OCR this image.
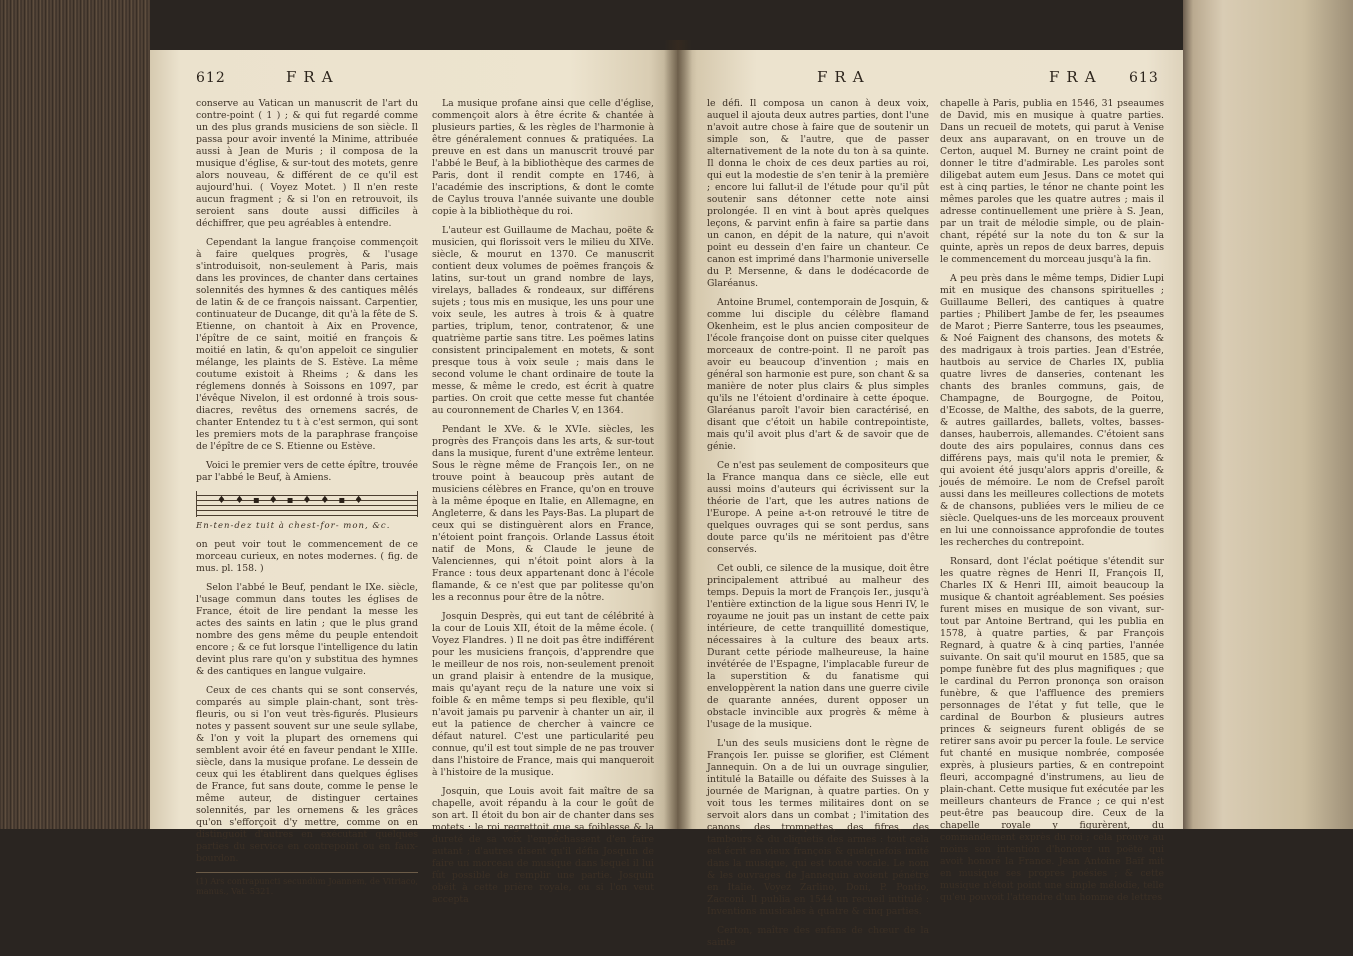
612	FRA

conserve au Vatican un manuscrit de l'art du contre-point ( 1 ) ; & qui fut regardé comme un des plus grands musiciens de son siècle. Il passa pour avoir inventé la Minime, attribuée aussi à Jean de Muris ; il composa de la musique d'église, & sur-tout des motets, genre alors nouveau, & différent de ce qu'il est aujourd'hui. ( Voyez Motet. ) Il n'en reste aucun fragment ; & si l'on en retrouvoit, ils seroient sans doute aussi difficiles à déchiffrer, que peu agréables à entendre.

Cependant la langue françoise commençoit à faire quelques progrès, & l'usage s'introduisoit, non-seulement à Paris, mais dans les provinces, de chanter dans certaines solennités des hymnes & des cantiques mêlés de latin & de ce françois naissant. Carpentier, continuateur de Ducange, dit qu'à la fête de S. Etienne, on chantoit à Aix en Provence, l'épître de ce saint, moitié en françois & moitié en latin, & qu'on appeloit ce singulier mélange, les plaints de S. Estève. La même coutume existoit à Rheims ; & dans les réglemens donnés à Soissons en 1097, par l'évêque Nivelon, il est ordonné à trois sous-diacres, revêtus des ornemens sacrés, de chanter Entendez tu t à c'est sermon, qui sont les premiers mots de la paraphrase françoise de l'épître de ce S. Etienne ou Estève.

Voici le premier vers de cette épître, trouvée par l'abbé le Beuf, à Amiens.

♦♦▪♦▪♦♦▪♦
En-ten-dez tuit à chest-for- mon, &c.

on peut voir tout le commencement de ce morceau curieux, en notes modernes. ( fig. de mus. pl. 158. )

Selon l'abbé le Beuf, pendant le IXe. siècle, l'usage commun dans toutes les églises de France, étoit de lire pendant la messe les actes des saints en latin ; que le plus grand nombre des gens même du peuple entendoit encore ; & ce fut lorsque l'intelligence du latin devint plus rare qu'on y substitua des hymnes & des cantiques en langue vulgaire.

Ceux de ces chants qui se sont conservés, comparés au simple plain-chant, sont très-fleuris, ou si l'on veut très-figurés. Plusieurs notes y passent souvent sur une seule syllabe, & l'on y voit la plupart des ornemens qui semblent avoir été en faveur pendant le XIIIe. siècle, dans la musique profane. Le dessein de ceux qui les établirent dans quelques églises de France, fut sans doute, comme le pense le même auteur, de distinguer certaines solennités, par les ornemens & les grâces qu'on s'efforçoit d'y mettre, comme on en distinguoit d'autres en exécutant quelques parties du service en contrepoint ou en faux-bourdon.

(1) Ars contrapuncti secundùm Joannem, de Vitriaco, manus., Vat. 5321.

La musique profane ainsi que celle d'église, commençoit alors à être écrite & chantée à plusieurs parties, & les règles de l'harmonie à être généralement connues & pratiquées. La preuve en est dans un manuscrit trouvé par l'abbé le Beuf, à la bibliothèque des carmes de Paris, dont il rendit compte en 1746, à l'académie des inscriptions, & dont le comte de Caylus trouva l'année suivante une double copie à la bibliothèque du roi.

L'auteur est Guillaume de Machau, poëte & musicien, qui florissoit vers le milieu du XIVe. siècle, & mourut en 1370. Ce manuscrit contient deux volumes de poëmes françois & latins, sur-tout un grand nombre de lays, virelays, ballades & rondeaux, sur différens sujets ; tous mis en musique, les uns pour une voix seule, les autres à trois & à quatre parties, triplum, tenor, contratenor, & une quatrième partie sans titre. Les poëmes latins consistent principalement en motets, & sont presque tous à voix seule ; mais dans le second volume le chant ordinaire de toute la messe, & même le credo, est écrit à quatre parties. On croit que cette messe fut chantée au couronnement de Charles V, en 1364.

Pendant le XVe. & le XVIe. siècles, les progrès des François dans les arts, & sur-tout dans la musique, furent d'une extrême lenteur. Sous le règne même de François Ier., on ne trouve point à beaucoup près autant de musiciens célèbres en France, qu'on en trouve à la même époque en Italie, en Allemagne, en Angleterre, & dans les Pays-Bas. La plupart de ceux qui se distinguèrent alors en France, n'étoient point françois. Orlande Lassus étoit natif de Mons, & Claude le jeune de Valenciennes, qui n'étoit point alors à la France : tous deux appartenant donc à l'école flamande, & ce n'est que par politesse qu'on les a reconnus pour être de la nôtre.

Josquin Desprès, qui eut tant de célébrité à la cour de Louis XII, étoit de la même école. ( Voyez Flandres. ) Il ne doit pas être indifférent pour les musiciens françois, d'apprendre que le meilleur de nos rois, non-seulement prenoit un grand plaisir à entendre de la musique, mais qu'ayant reçu de la nature une voix si foible & en même temps si peu flexible, qu'il n'avoit jamais pu parvenir à chanter un air, il eut la patience de chercher à vaincre ce défaut naturel. C'est une particularité peu connue, qu'il est tout simple de ne pas trouver dans l'histoire de France, mais qui manqueroit à l'histoire de la musique.

Josquin, que Louis avoit fait maître de sa chapelle, avoit répandu à la cour le goût de son art. Il étoit du bon air de chanter dans ses motets : le roi regrettoit que sa foiblesse & la dureté de sa voix l'empêchassent d'en faire autant ; d'autres disent qu'il défia Josquin de faire un morceau de musique dans lequel il lui fût possible de remplir une partie. Josquin obéit à cette prière royale, ou si l'on veut accepta

FRA	FRA 613

le défi. Il composa un canon à deux voix, auquel il ajouta deux autres parties, dont l'une n'avoit autre chose à faire que de soutenir un simple son, & l'autre, que de passer alternativement de la note du ton à sa quinte. Il donna le choix de ces deux parties au roi, qui eut la modestie de s'en tenir à la première ; encore lui fallut-il de l'étude pour qu'il pût soutenir sans détonner cette note ainsi prolongée. Il en vint à bout après quelques leçons, & parvint enfin à faire sa partie dans un canon, en dépit de la nature, qui n'avoit point eu dessein d'en faire un chanteur. Ce canon est imprimé dans l'harmonie universelle du P. Mersenne, & dans le dodécacorde de Glaréanus.

Antoine Brumel, contemporain de Josquin, & comme lui disciple du célèbre flamand Okenheim, est le plus ancien compositeur de l'école françoise dont on puisse citer quelques morceaux de contre-point. Il ne paroît pas avoir eu beaucoup d'invention ; mais en général son harmonie est pure, son chant & sa manière de noter plus clairs & plus simples qu'ils ne l'étoient d'ordinaire à cette époque. Glaréanus paroît l'avoir bien caractérisé, en disant que c'étoit un habile contrepointiste, mais qu'il avoit plus d'art & de savoir que de génie.

Ce n'est pas seulement de compositeurs que la France manqua dans ce siècle, elle eut aussi moins d'auteurs qui écrivissent sur la théorie de l'art, que les autres nations de l'Europe. A peine a-t-on retrouvé le titre de quelques ouvrages qui se sont perdus, sans doute parce qu'ils ne méritoient pas d'être conservés.

Cet oubli, ce silence de la musique, doit être principalement attribué au malheur des temps. Depuis la mort de François Ier., jusqu'à l'entière extinction de la ligue sous Henri IV, le royaume ne jouit pas un instant de cette paix intérieure, de cette tranquillité domestique, nécessaires à la culture des beaux arts. Durant cette période malheureuse, la haine invétérée de l'Espagne, l'implacable fureur de la superstition & du fanatisme qui enveloppèrent la nation dans une guerre civile de quarante années, durent opposer un obstacle invincible aux progrès & même à l'usage de la musique.

L'un des seuls musiciens dont le règne de François Ier. puisse se glorifier, est Clément Jannequin. On a de lui un ouvrage singulier, intitulé la Bataille ou défaite des Suisses à la journée de Marignan, à quatre parties. On y voit tous les termes militaires dont on se servoit alors dans un combat ; l'imitation des canons, des trompettes, des fifres, des tambours & du cliquetis des armes : tout cela est écrit en vieux françois & quelquefois imité dans la musique, qui est toute vocale. Le nom & les ouvrages de Jannequin avoient pénétré en Italie. Voyez Zarlino, Doni, P. Pontio, Zacconi. Il publia en 1544 un recueil intitulé : Inventions musicales à quatre & cinq parties.

Certon, maître des enfans de chœur de la sainte

chapelle à Paris, publia en 1546, 31 pseaumes de David, mis en musique à quatre parties. Dans un recueil de motets, qui parut à Venise deux ans auparavant, on en trouve un de Certon, auquel M. Burney ne craint point de donner le titre d'admirable. Les paroles sont diligebat autem eum Jesus. Dans ce motet qui est à cinq parties, le ténor ne chante point les mêmes paroles que les quatre autres ; mais il adresse continuellement une prière à S. Jean, par un trait de mélodie simple, ou de plain-chant, répété sur la note du ton & sur la quinte, après un repos de deux barres, depuis le commencement du morceau jusqu'à la fin.

A peu près dans le même temps, Didier Lupi mit en musique des chansons spirituelles ; Guillaume Belleri, des cantiques à quatre parties ; Philibert Jambe de fer, les pseaumes de Marot ; Pierre Santerre, tous les pseaumes, & Noé Faignent des chansons, des motets & des madrigaux à trois parties. Jean d'Estrée, hautbois au service de Charles IX, publia quatre livres de danseries, contenant les chants des branles communs, gais, de Champagne, de Bourgogne, de Poitou, d'Ecosse, de Malthe, des sabots, de la guerre, & autres gaillardes, ballets, voltes, basses-danses, hauberrois, allemandes. C'étoient sans doute des airs populaires, connus dans ces différens pays, mais qu'il nota le premier, & qui avoient été jusqu'alors appris d'oreille, & joués de mémoire. Le nom de Crefsel paroît aussi dans les meilleures collections de motets & de chansons, publiées vers le milieu de ce siècle. Quelques-uns de les morceaux prouvent en lui une connoissance approfondie de toutes les recherches du contrepoint.

Ronsard, dont l'éclat poétique s'étendit sur les quatre règnes de Henri II, François II, Charles IX & Henri III, aimoit beaucoup la musique & chantoit agréablement. Ses poésies furent mises en musique de son vivant, sur-tout par Antoine Bertrand, qui les publia en 1578, à quatre parties, & par François Regnard, à quatre & à cinq parties, l'année suivante. On sait qu'il mourut en 1585, que sa pompe funèbre fut des plus magnifiques ; que le cardinal du Perron prononça son oraison funèbre, & que l'affluence des premiers personnages de l'état y fut telle, que le cardinal de Bourbon & plusieurs autres princes & seigneurs furent obligés de se retirer sans avoir pu percer la foule. Le service fut chanté en musique nombrée, composée exprès, à plusieurs parties, & en contrepoint fleuri, accompagné d'instrumens, au lieu de plain-chant. Cette musique fut exécutée par les meilleurs chanteurs de France ; ce qui n'est peut-être pas beaucoup dire. Ceux de la chapelle royale y figurèrent, du commandement exprès du roi ; cela prouve au moins son intention d'honorer un poëte qui avoit honoré la France. Jean Antoine Baïf mit en musique ses propres poésies ; & cette musique n'étoit point une simple mélodie, telle qu'eu pouvoit l'attendre d'un homme de lettres
